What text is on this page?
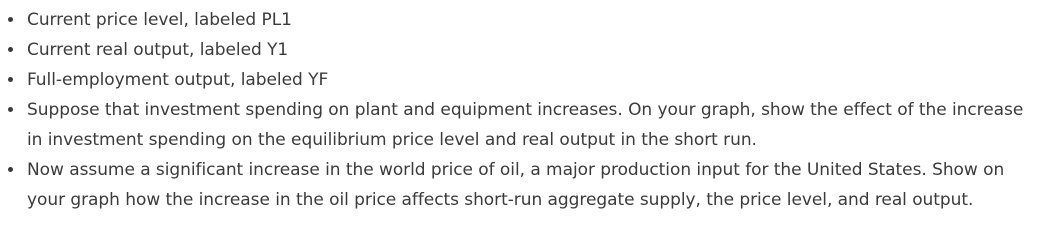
Current price level, labeled PL1
Current real output, labeled Y1
Full-employment output, labeled YF
Suppose that investment spending on plant and equipment increases. On your graph, show the effect of the increase in investment spending on the equilibrium price level and real output in the short run.
Now assume a significant increase in the world price of oil, a major production input for the United States. Show on your graph how the increase in the oil price affects short-run aggregate supply, the price level, and real output.
